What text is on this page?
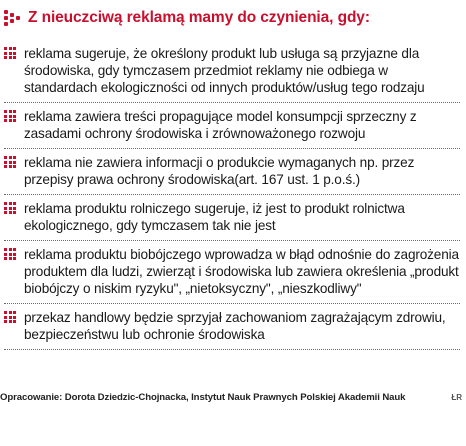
Z nieuczciwą reklamą mamy do czynienia, gdy:
reklama sugeruje, że określony produkt lub usługa są przyjazne dla środowiska, gdy tymczasem przedmiot reklamy nie odbiega w standardach ekologiczności od innych produktów/usług tego rodzaju
reklama zawiera treści propagujące model konsumpcji sprzeczny z zasadami ochrony środowiska i zrównoważonego rozwoju
reklama nie zawiera informacji o produkcie wymaganych np. przez przepisy prawa ochrony środowiska(art. 167 ust. 1 p.o.ś.)
reklama produktu rolniczego sugeruje, iż jest to produkt rolnictwa ekologicznego, gdy tymczasem tak nie jest
reklama produktu biobójczego wprowadza w błąd odnośnie do zagrożenia produktem dla ludzi, zwierząt i środowiska lub zawiera określenia „produkt biobójczy o niskim ryzyku", „nietoksyczny", „nieszkodliwy"
przekaz handlowy będzie sprzyjał zachowaniom zagrażającym zdrowiu, bezpieczeństwu lub ochronie środowiska
Opracowanie: Dorota Dziedzic-Chojnacka, Instytut Nauk Prawnych Polskiej Akademii Nauk	ŁR
